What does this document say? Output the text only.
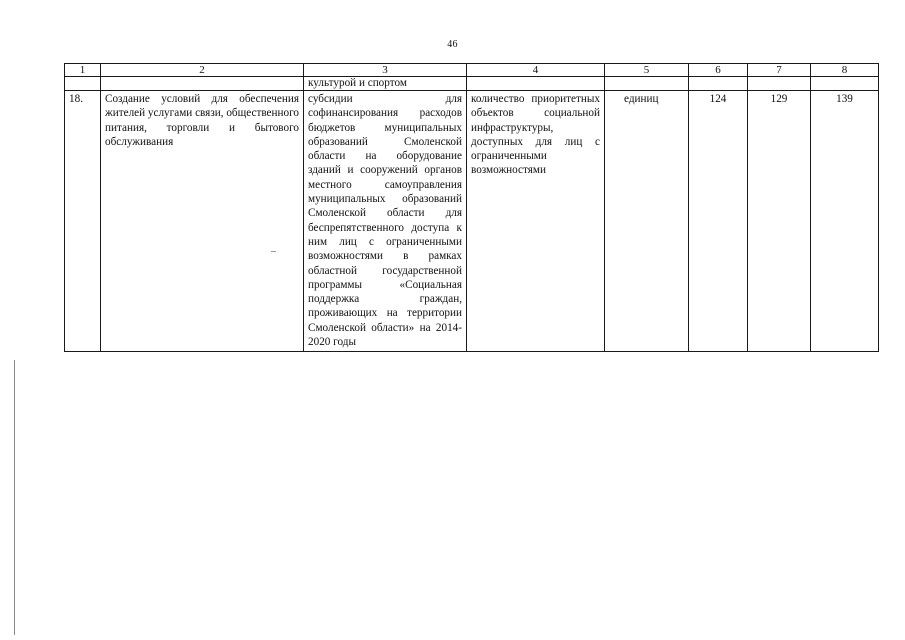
46
1	2	3	4	5	6	7	8
		культурой и спортом					
18.	Создание условий для обеспечения жителей услугами связи, общественного питания, торговли и бытового обслуживания	субсидии для софинансирования расходов бюджетов муниципальных образований Смоленской области на оборудование зданий и сооружений органов местного самоуправления муниципальных образований Смоленской области для беспрепятственного доступа к ним лиц с ограниченными возможностями в рамках областной государственной программы «Социальная поддержка граждан, проживающих на территории Смоленской области» на 2014-2020 годы	количество приоритетных объектов социальной инфраструктуры, доступных для лиц с ограниченными возможностями	единиц	124	129	139
